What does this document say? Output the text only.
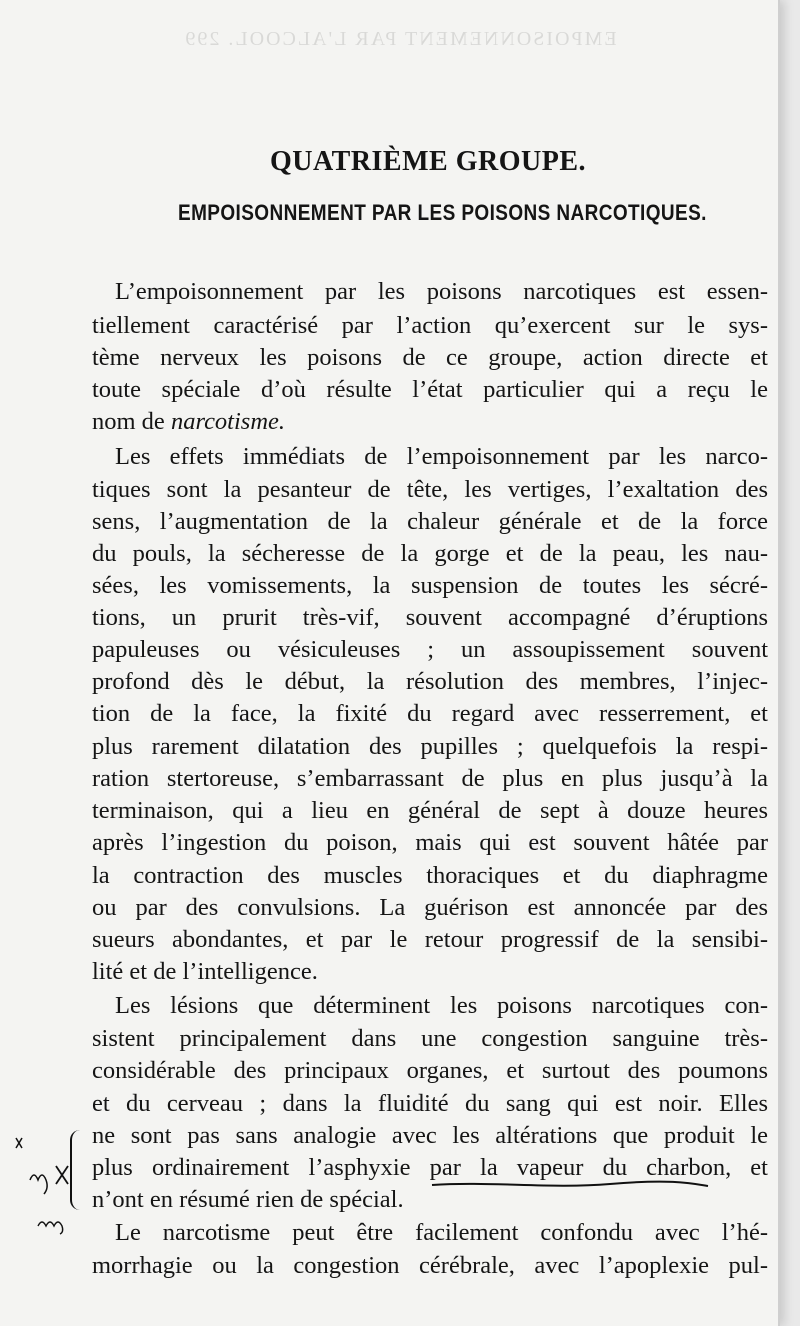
EMPOISONNEMENT PAR L'ALCOOL. 299
QUATRIÈME GROUPE.
EMPOISONNEMENT PAR LES POISONS NARCOTIQUES.
L’empoisonnement par les poisons narcotiques est essen-
tiellement caractérisé par l’action qu’exercent sur le sys-
tème nerveux les poisons de ce groupe, action directe et
toute spéciale d’où résulte l’état particulier qui a reçu le
nom de narcotisme.
Les effets immédiats de l’empoisonnement par les narco-
tiques sont la pesanteur de tête, les vertiges, l’exaltation des
sens, l’augmentation de la chaleur générale et de la force
du pouls, la sécheresse de la gorge et de la peau, les nau-
sées, les vomissements, la suspension de toutes les sécré-
tions, un prurit très-vif, souvent accompagné d’éruptions
papuleuses ou vésiculeuses ; un assoupissement souvent
profond dès le début, la résolution des membres, l’injec-
tion de la face, la fixité du regard avec resserrement, et
plus rarement dilatation des pupilles ; quelquefois la respi-
ration stertoreuse, s’embarrassant de plus en plus jusqu’à la
terminaison, qui a lieu en général de sept à douze heures
après l’ingestion du poison, mais qui est souvent hâtée par
la contraction des muscles thoraciques et du diaphragme
ou par des convulsions. La guérison est annoncée par des
sueurs abondantes, et par le retour progressif de la sensibi-
lité et de l’intelligence.
Les lésions que déterminent les poisons narcotiques con-
sistent principalement dans une congestion sanguine très-
considérable des principaux organes, et surtout des poumons
et du cerveau ; dans la fluidité du sang qui est noir. Elles
ne sont pas sans analogie avec les altérations que produit le
plus ordinairement l’asphyxie par la vapeur du charbon, et
n’ont en résumé rien de spécial.
Le narcotisme peut être facilement confondu avec l’hé-
morrhagie ou la congestion cérébrale, avec l’apoplexie pul-
